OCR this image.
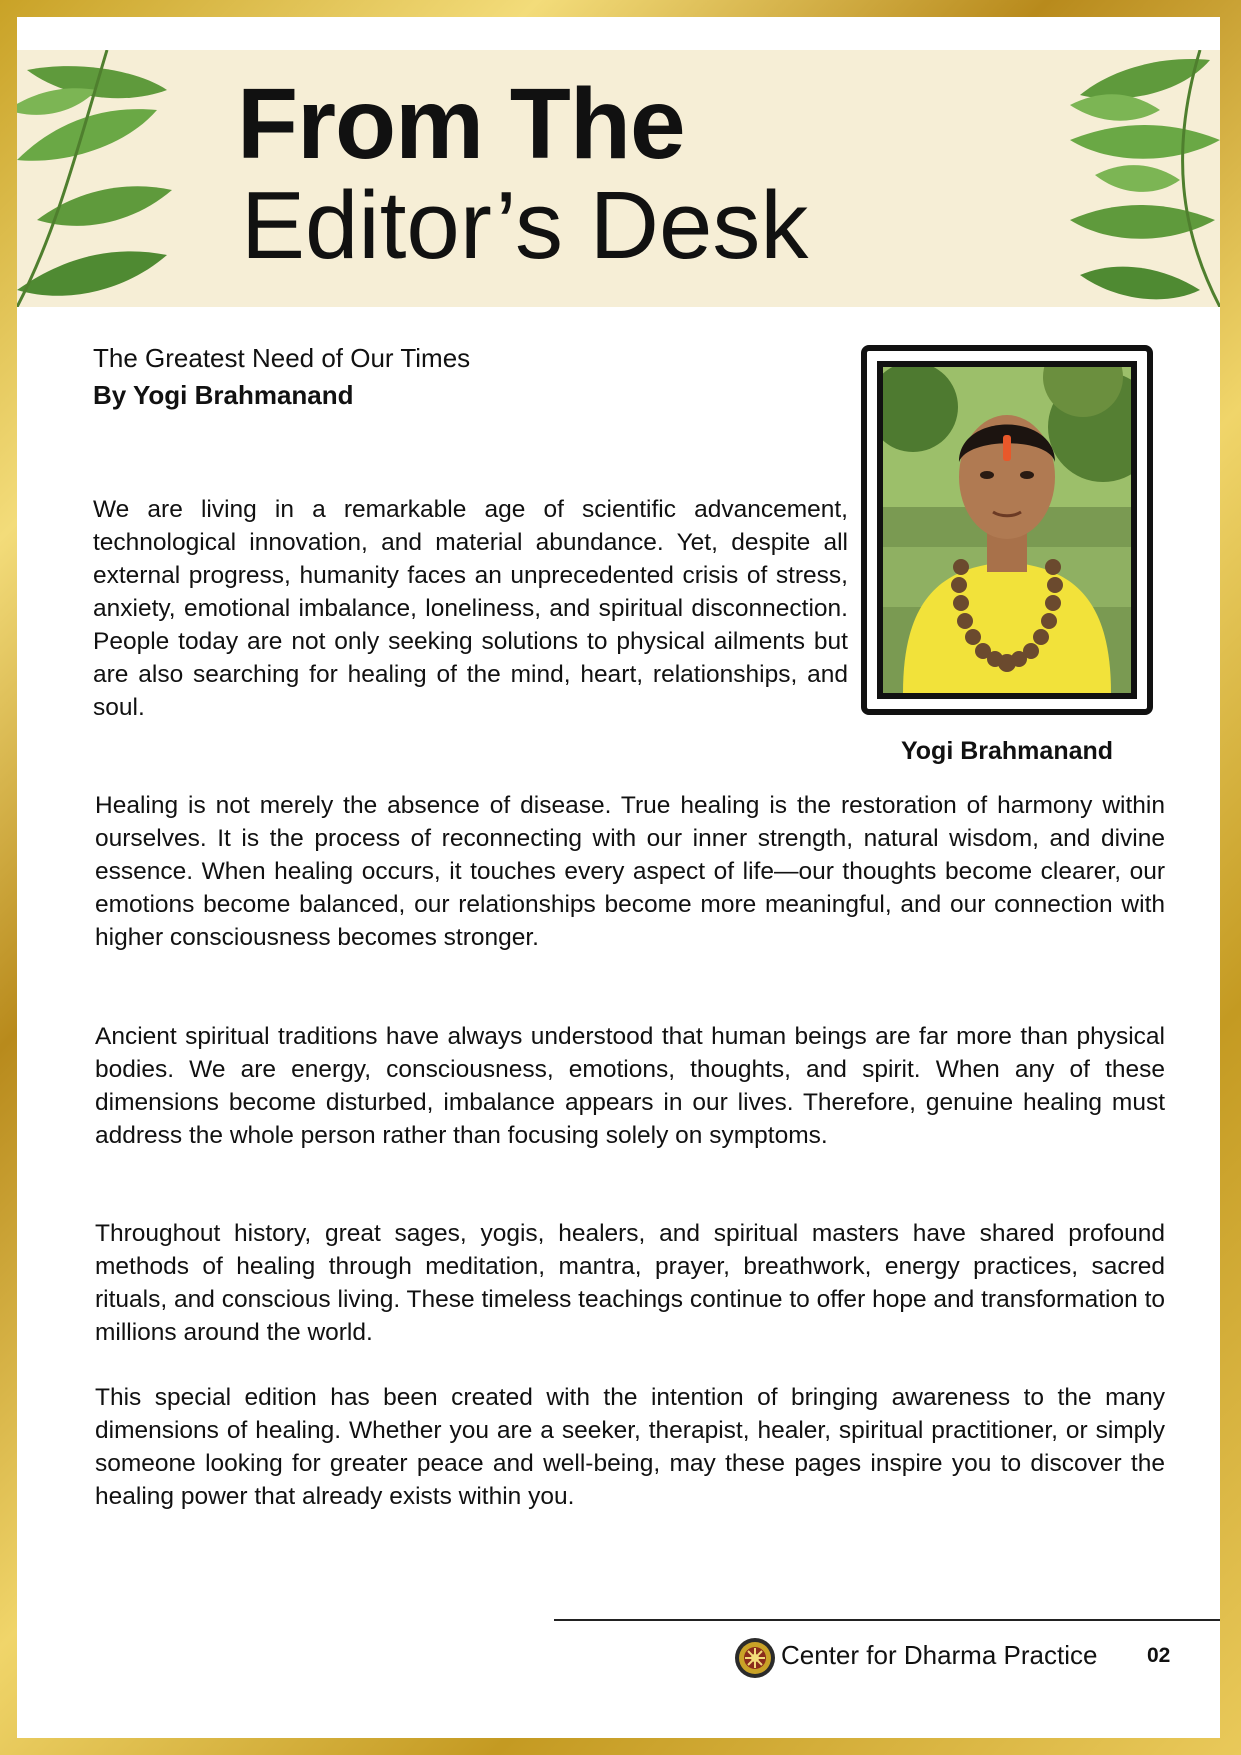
From The
Editor’s Desk
The Greatest Need of Our Times
By Yogi Brahmanand

We are living in a remarkable age of scientific advancement, technological innovation, and material abundance. Yet, despite all external progress, humanity faces an unprecedented crisis of stress, anxiety, emotional imbalance, loneliness, and spiritual disconnection. People today are not only seeking solutions to physical ailments but are also searching for healing of the mind, heart, relationships, and soul.

Yogi Brahmanand

Healing is not merely the absence of disease. True healing is the restoration of harmony within ourselves. It is the process of reconnecting with our inner strength, natural wisdom, and divine essence. When healing occurs, it touches every aspect of life—our thoughts become clearer, our emotions become balanced, our relationships become more meaningful, and our connection with higher consciousness becomes stronger.

Ancient spiritual traditions have always understood that human beings are far more than physical bodies. We are energy, consciousness, emotions, thoughts, and spirit. When any of these dimensions become disturbed, imbalance appears in our lives. Therefore, genuine healing must address the whole person rather than focusing solely on symptoms.

Throughout history, great sages, yogis, healers, and spiritual masters have shared profound methods of healing through meditation, mantra, prayer, breathwork, energy practices, sacred rituals, and conscious living. These timeless teachings continue to offer hope and transformation to millions around the world.

This special edition has been created with the intention of bringing awareness to the many dimensions of healing. Whether you are a seeker, therapist, healer, spiritual practitioner, or simply someone looking for greater peace and well-being, may these pages inspire you to discover the healing power that already exists within you.

Center for Dharma Practice 02
